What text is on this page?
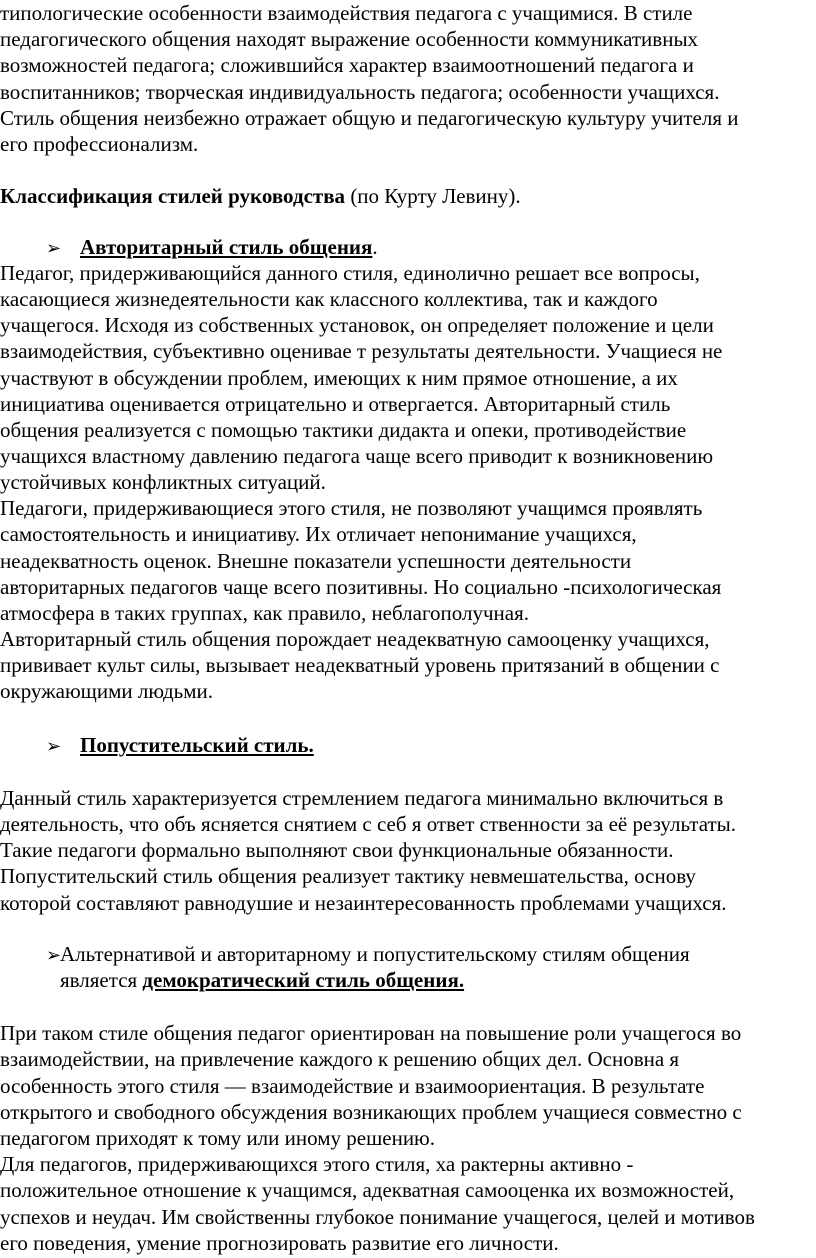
типологические особенности взаимодействия педагога с учащимися. В стиле
педагогического общения находят выражение особенности коммуникативных
возможностей педагога; сложившийся характер взаимоотношений педагога и
воспитанников; творческая индивидуальность педагога; особенности учащихся.
Стиль общения неизбежно отражает общую и педагогическую культуру учителя и
его профессионализм.
Классификация стилей руководства (по Курту Левину).
➢ Авторитарный стиль общения.
Педагог, придерживающийся данного стиля, единолично решает все вопросы,
касающиеся жизнедеятельности как классного коллектива, так и каждого
учащегося. Исходя из собственных установок, он определяет положение и цели
взаимодействия, субъективно оценивае т результаты деятельности. Учащиеся не
участвуют в обсуждении проблем, имеющих к ним прямое отношение, а их
инициатива оценивается отрицательно и отвергается. Авторитарный стиль
общения реализуется с помощью тактики дидакта и опеки, противодействие
учащихся властному давлению педагога чаще всего приводит к возникновению
устойчивых конфликтных ситуаций.
Педагоги, придерживающиеся этого стиля, не позволяют учащимся проявлять
самостоятельность и инициативу. Их отличает непонимание учащихся,
неадекватность оценок. Внешне показатели успешности деятельности
авторитарных педагогов чаще всего позитивны. Но социально -психологическая
атмосфера в таких группах, как правило, неблагополучная.
Авторитарный стиль общения порождает неадекватную самооценку учащихся,
прививает культ силы, вызывает неадекватный уровень притязаний в общении с
окружающими людьми.
➢ Попустительский стиль.
Данный стиль характеризуется стремлением педагога минимально включиться в
деятельность, что объ ясняется снятием с себ я ответ ственности за её результаты.
Такие педагоги формально выполняют свои функциональные обязанности.
Попустительский стиль общения реализует тактику невмешательства, основу
которой составляют равнодушие и незаинтересованность проблемами учащихся.
➢
Альтернативой и авторитарному и попустительскому стилям общения
является демократический стиль общения.
При таком стиле общения педагог ориентирован на повышение роли учащегося во
взаимодействии, на привлечение каждого к решению общих дел. Основна я
особенность этого стиля — взаимодействие и взаимоориентация. В результате
открытого и свободного обсуждения возникающих проблем учащиеся совместно с
педагогом приходят к тому или иному решению.
Для педагогов, придерживающихся этого стиля, ха рактерны активно -
положительное отношение к учащимся, адекватная самооценка их возможностей,
успехов и неудач. Им свойственны глубокое понимание учащегося, целей и мотивов
его поведения, умение прогнозировать развитие его личности.
